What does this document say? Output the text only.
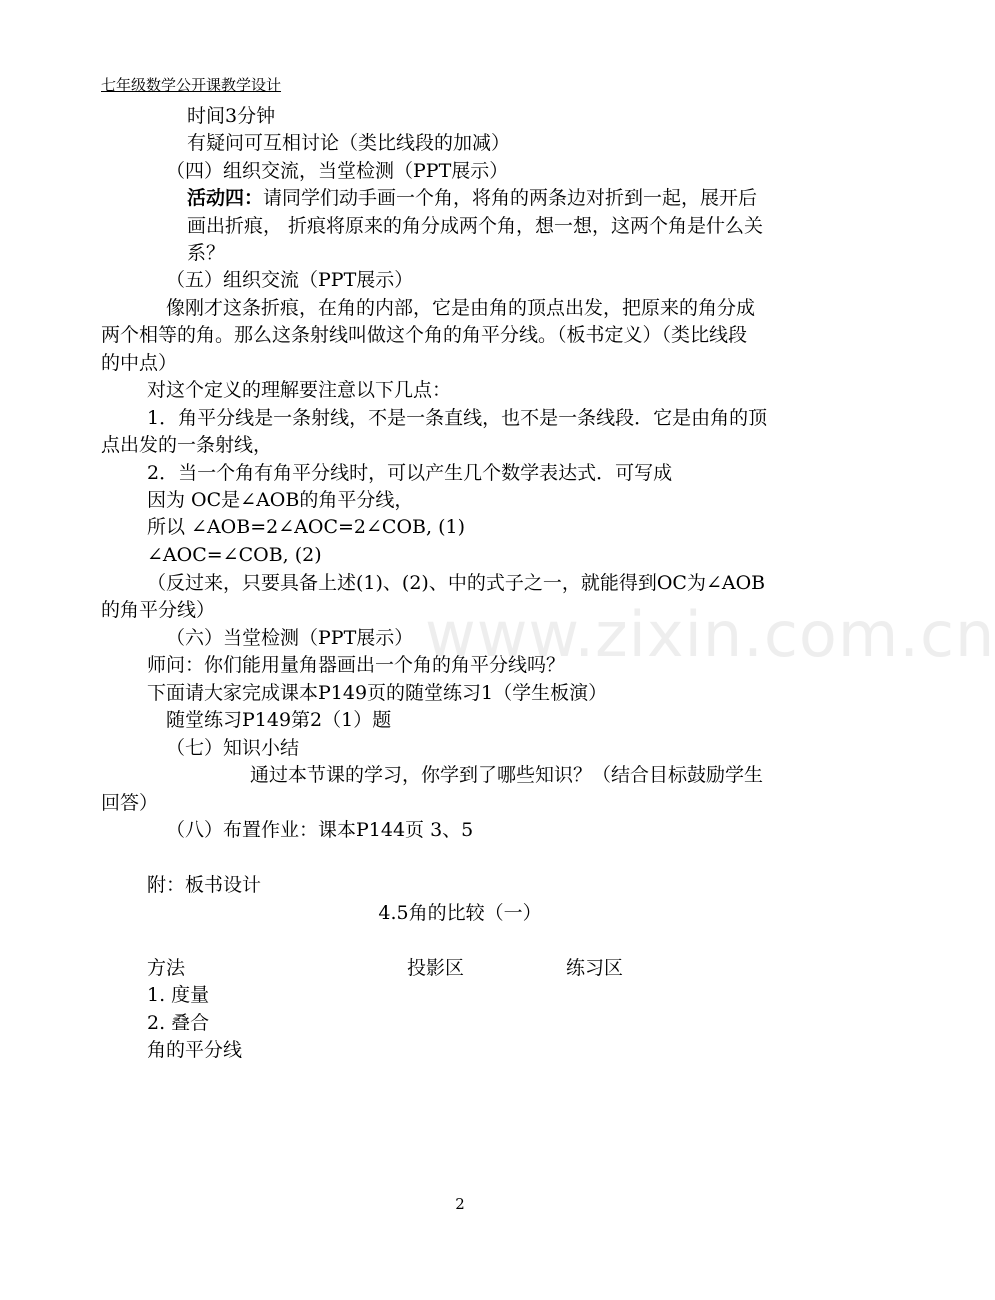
七年级数学公开课教学设计
时间3分钟
有疑问可互相讨论（类比线段的加减）
（四）组织交流，当堂检测（PPT展示）
活动四：请同学们动手画一个角，将角的两条边对折到一起，展开后
画出折痕， 折痕将原来的角分成两个角，想一想，这两个角是什么关
系？
（五）组织交流（PPT展示）
像刚才这条折痕，在角的内部，它是由角的顶点出发，把原来的角分成
两个相等的角。那么这条射线叫做这个角的角平分线。（板书定义）（类比线段
的中点）
对这个定义的理解要注意以下几点：
1．角平分线是一条射线，不是一条直线，也不是一条线段．它是由角的顶
点出发的一条射线，
2．当一个角有角平分线时，可以产生几个数学表达式．可写成
因为 OC是∠AOB的角平分线，
所以 ∠AOB=2∠AOC=2∠COB, (1)
∠AOC=∠COB, (2)
（反过来，只要具备上述(1)、(2)、中的式子之一，就能得到OC为∠AOB
的角平分线）
（六）当堂检测（PPT展示）
师问：你们能用量角器画出一个角的角平分线吗？
下面请大家完成课本P149页的随堂练习1（学生板演）
随堂练习P149第2（1）题
（七）知识小结
通过本节课的学习，你学到了哪些知识？（结合目标鼓励学生
回答）
（八）布置作业：课本P144页 3、5
附：板书设计
4.5角的比较（一）
方法	投影区	练习区
1. 度量
2. 叠合
角的平分线
www.zixin.com.cn
2
